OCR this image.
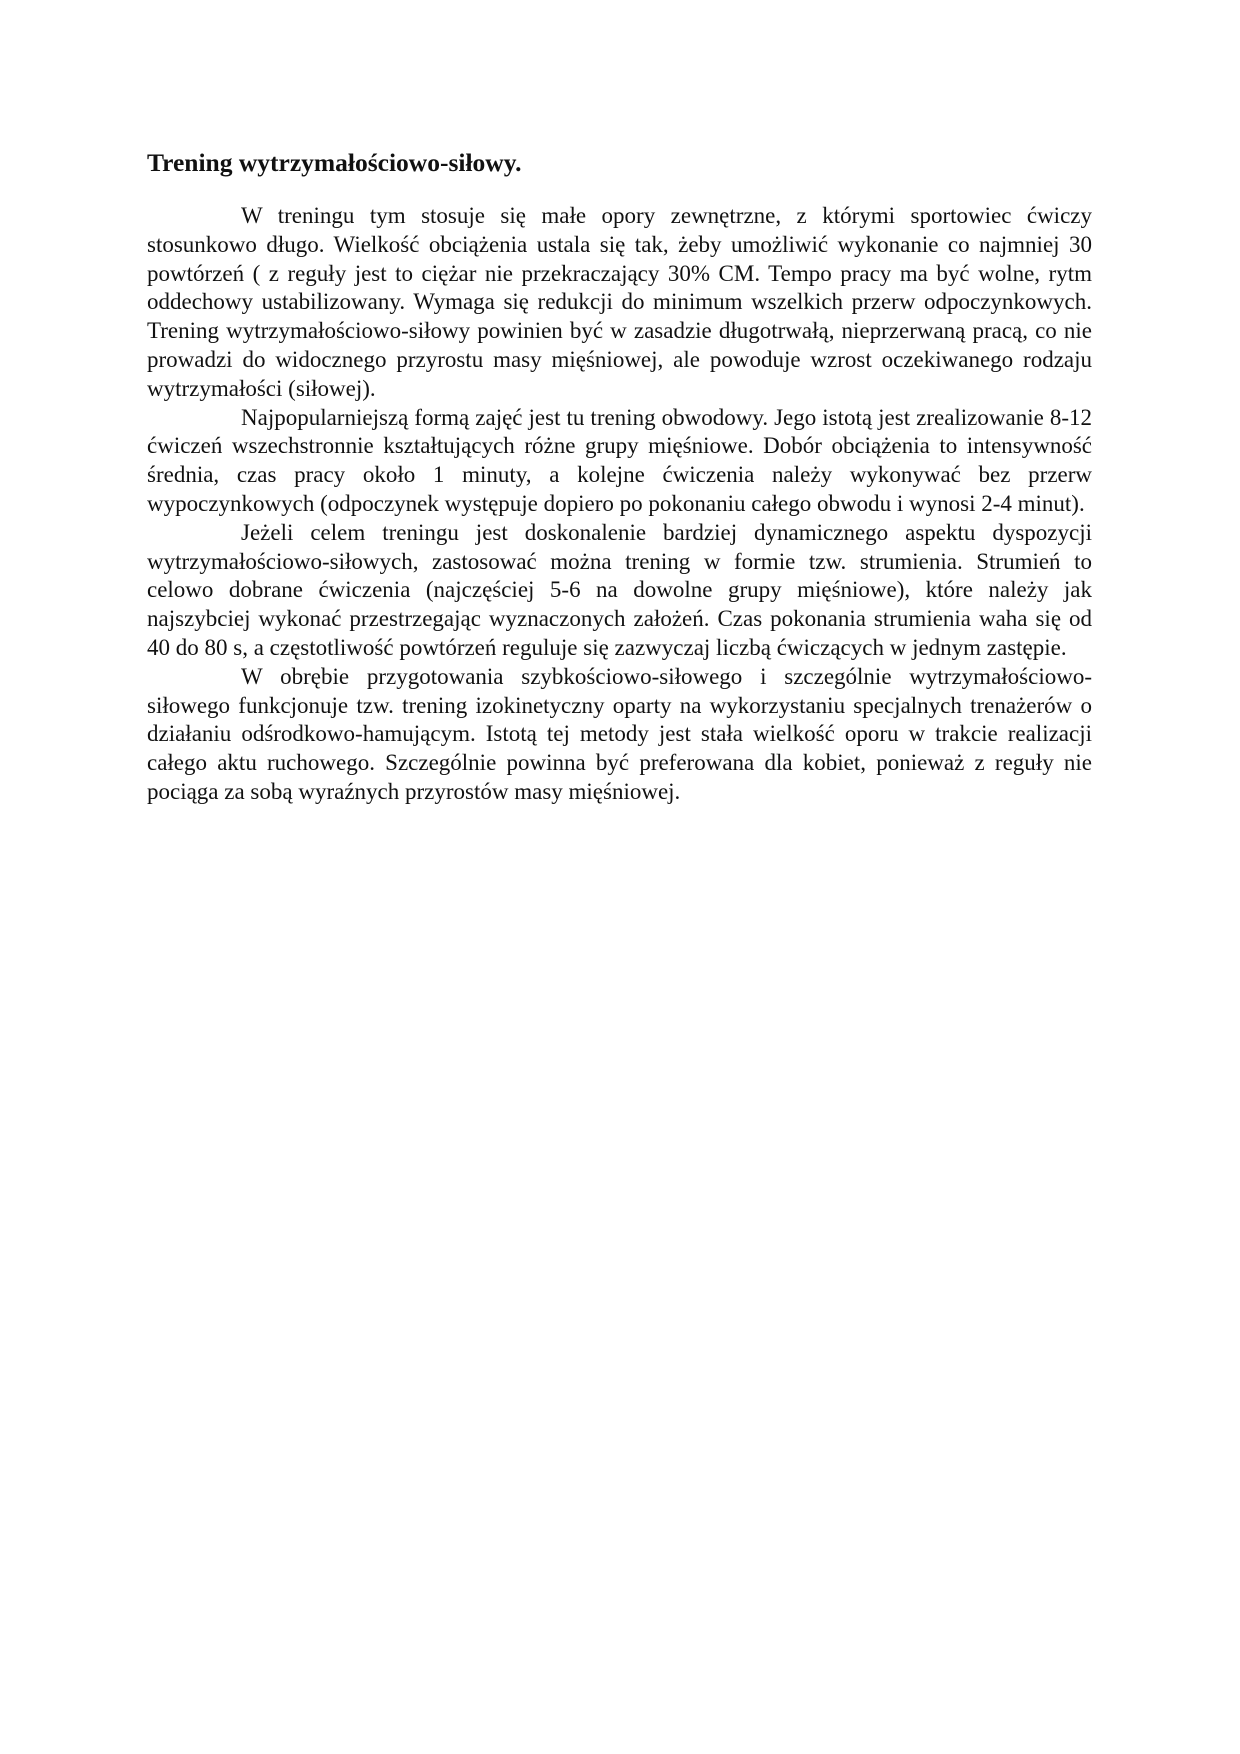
Trening wytrzymałościowo-siłowy.

W treningu tym stosuje się małe opory zewnętrzne, z którymi sportowiec ćwiczy stosunkowo długo. Wielkość obciążenia ustala się tak, żeby umożliwić wykonanie co najmniej 30 powtórzeń ( z reguły jest to ciężar nie przekraczający 30% CM. Tempo pracy ma być wolne, rytm oddechowy ustabilizowany. Wymaga się redukcji do minimum wszelkich przerw odpoczynkowych. Trening wytrzymałościowo-siłowy powinien być w zasadzie długotrwałą, nieprzerwaną pracą, co nie prowadzi do widocznego przyrostu masy mięśniowej, ale powoduje wzrost oczekiwanego rodzaju wytrzymałości (siłowej).

Najpopularniejszą formą zajęć jest tu trening obwodowy. Jego istotą jest zrealizowanie 8-12 ćwiczeń wszechstronnie kształtujących różne grupy mięśniowe. Dobór obciążenia to intensywność średnia, czas pracy około 1 minuty, a kolejne ćwiczenia należy wykonywać bez przerw wypoczynkowych (odpoczynek występuje dopiero po pokonaniu całego obwodu i wynosi 2-4 minut).

Jeżeli celem treningu jest doskonalenie bardziej dynamicznego aspektu dyspozycji wytrzymałościowo-siłowych, zastosować można trening w formie tzw. strumienia. Strumień to celowo dobrane ćwiczenia (najczęściej 5-6 na dowolne grupy mięśniowe), które należy jak najszybciej wykonać przestrzegając wyznaczonych założeń. Czas pokonania strumienia waha się od 40 do 80 s, a częstotliwość powtórzeń reguluje się zazwyczaj liczbą ćwiczących w jednym zastępie.

W obrębie przygotowania szybkościowo-siłowego i szczególnie wytrzymałościowo-siłowego funkcjonuje tzw. trening izokinetyczny oparty na wykorzystaniu specjalnych trenażerów o działaniu odśrodkowo-hamującym. Istotą tej metody jest stała wielkość oporu w trakcie realizacji całego aktu ruchowego. Szczególnie powinna być preferowana dla kobiet, ponieważ z reguły nie pociąga za sobą wyraźnych przyrostów masy mięśniowej.
